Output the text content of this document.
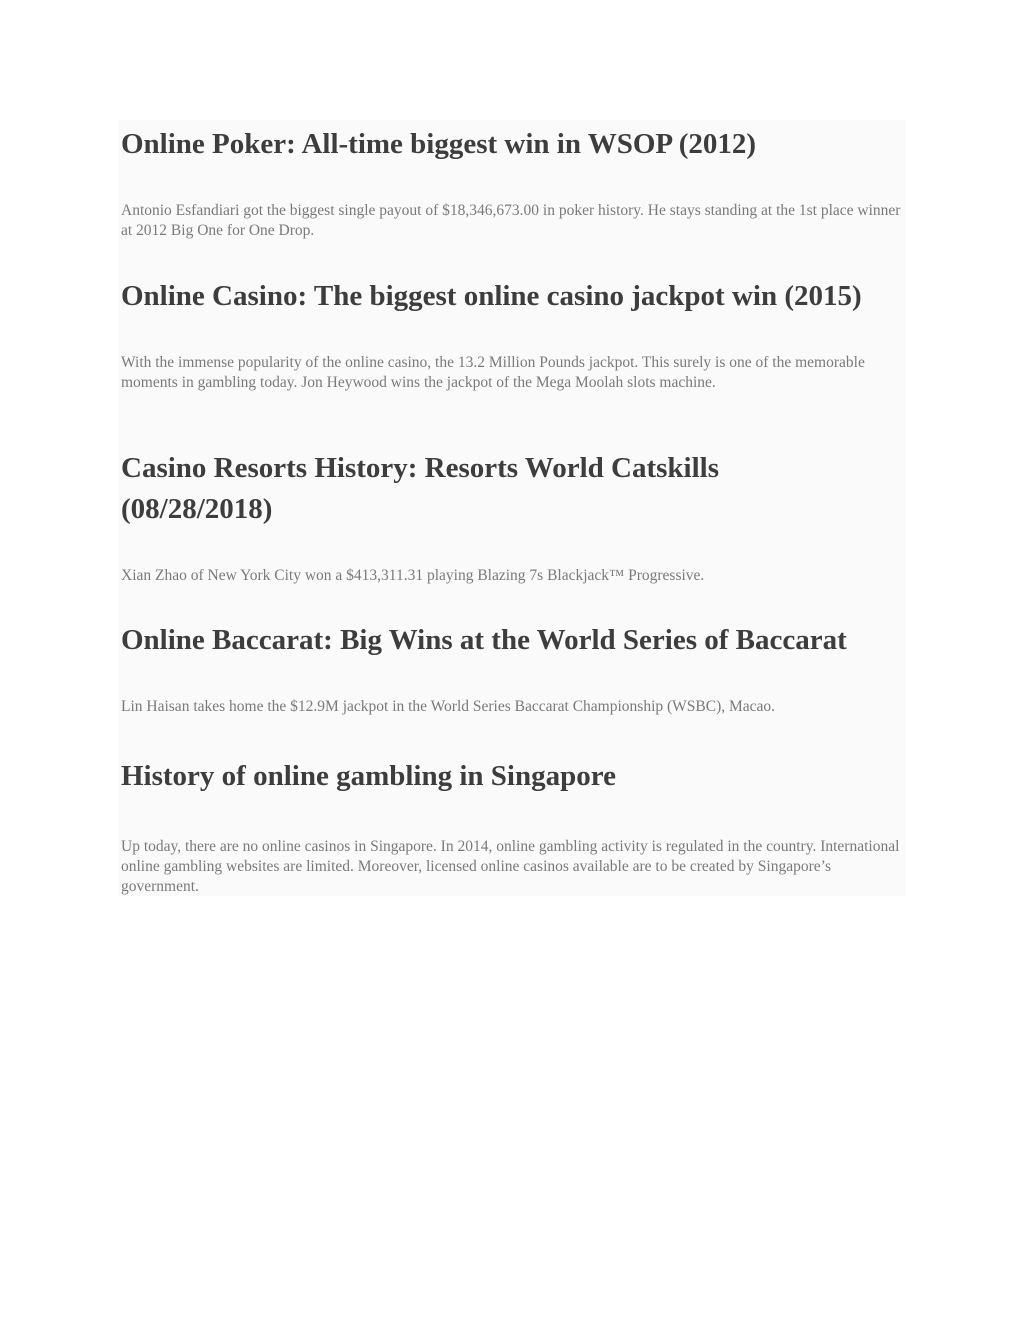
Online Poker: All-time biggest win in WSOP (2012)

Antonio Esfandiari got the biggest single payout of $18,346,673.00 in poker history. He stays standing at the 1st place winner at 2012 Big One for One Drop.

Online Casino: The biggest online casino jackpot win (2015)

With the immense popularity of the online casino, the 13.2 Million Pounds jackpot. This surely is one of the memorable moments in gambling today. Jon Heywood wins the jackpot of the Mega Moolah slots machine.

Casino Resorts History: Resorts World Catskills (08/28/2018)

Xian Zhao of New York City won a $413,311.31 playing Blazing 7s Blackjack™ Progressive.

Online Baccarat: Big Wins at the World Series of Baccarat

Lin Haisan takes home the $12.9M jackpot in the World Series Baccarat Championship (WSBC), Macao.

History of online gambling in Singapore

Up today, there are no online casinos in Singapore. In 2014, online gambling activity is regulated in the country. International online gambling websites are limited. Moreover, licensed online casinos available are to be created by Singapore’s government.
